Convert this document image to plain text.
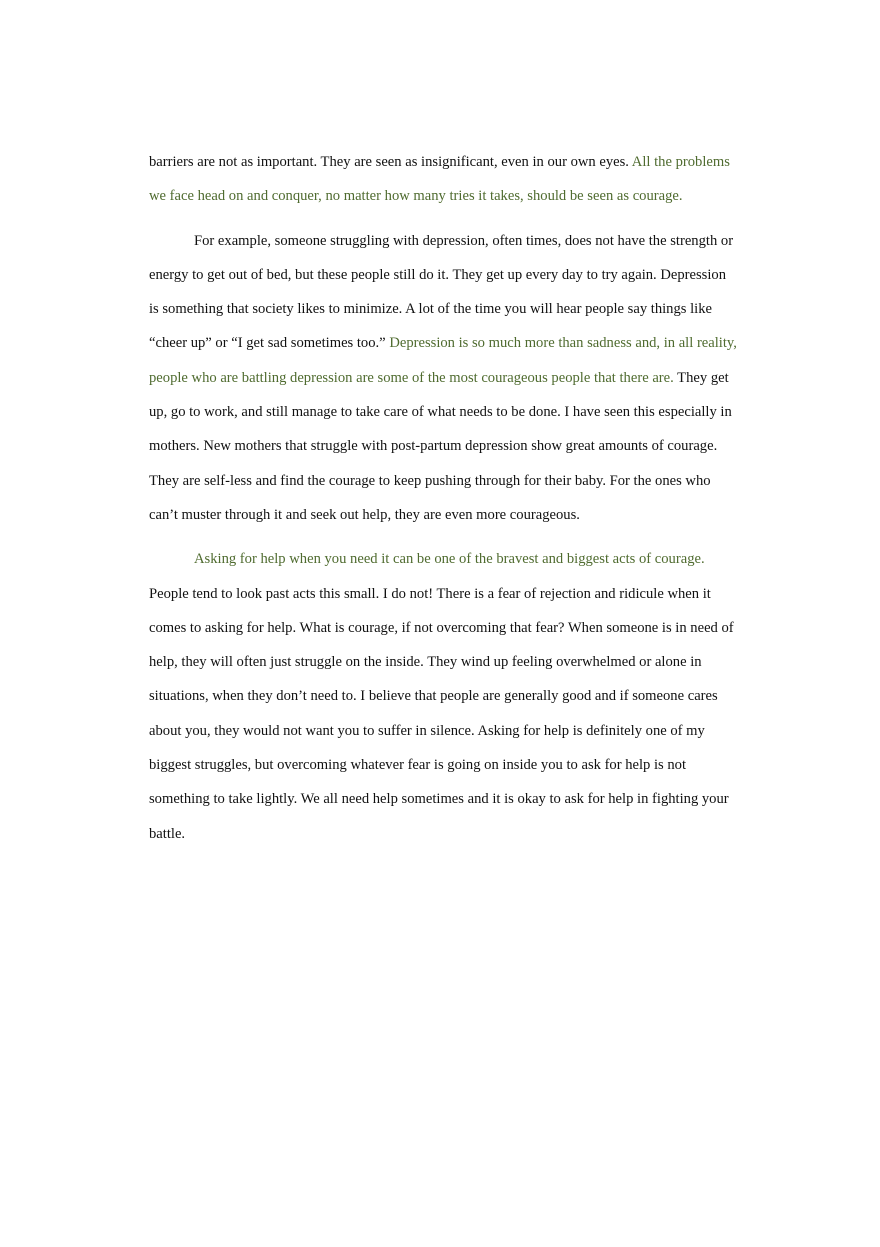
barriers are not as important. They are seen as insignificant, even in our own eyes. All the problems we face head on and conquer, no matter how many tries it takes, should be seen as courage.

For example, someone struggling with depression, often times, does not have the strength or energy to get out of bed, but these people still do it. They get up every day to try again. Depression is something that society likes to minimize. A lot of the time you will hear people say things like “cheer up” or “I get sad sometimes too.” Depression is so much more than sadness and, in all reality, people who are battling depression are some of the most courageous people that there are. They get up, go to work, and still manage to take care of what needs to be done. I have seen this especially in mothers. New mothers that struggle with post-partum depression show great amounts of courage. They are self-less and find the courage to keep pushing through for their baby. For the ones who can’t muster through it and seek out help, they are even more courageous.

Asking for help when you need it can be one of the bravest and biggest acts of courage. People tend to look past acts this small. I do not! There is a fear of rejection and ridicule when it comes to asking for help. What is courage, if not overcoming that fear? When someone is in need of help, they will often just struggle on the inside. They wind up feeling overwhelmed or alone in situations, when they don’t need to. I believe that people are generally good and if someone cares about you, they would not want you to suffer in silence. Asking for help is definitely one of my biggest struggles, but overcoming whatever fear is going on inside you to ask for help is not something to take lightly. We all need help sometimes and it is okay to ask for help in fighting your battle.
